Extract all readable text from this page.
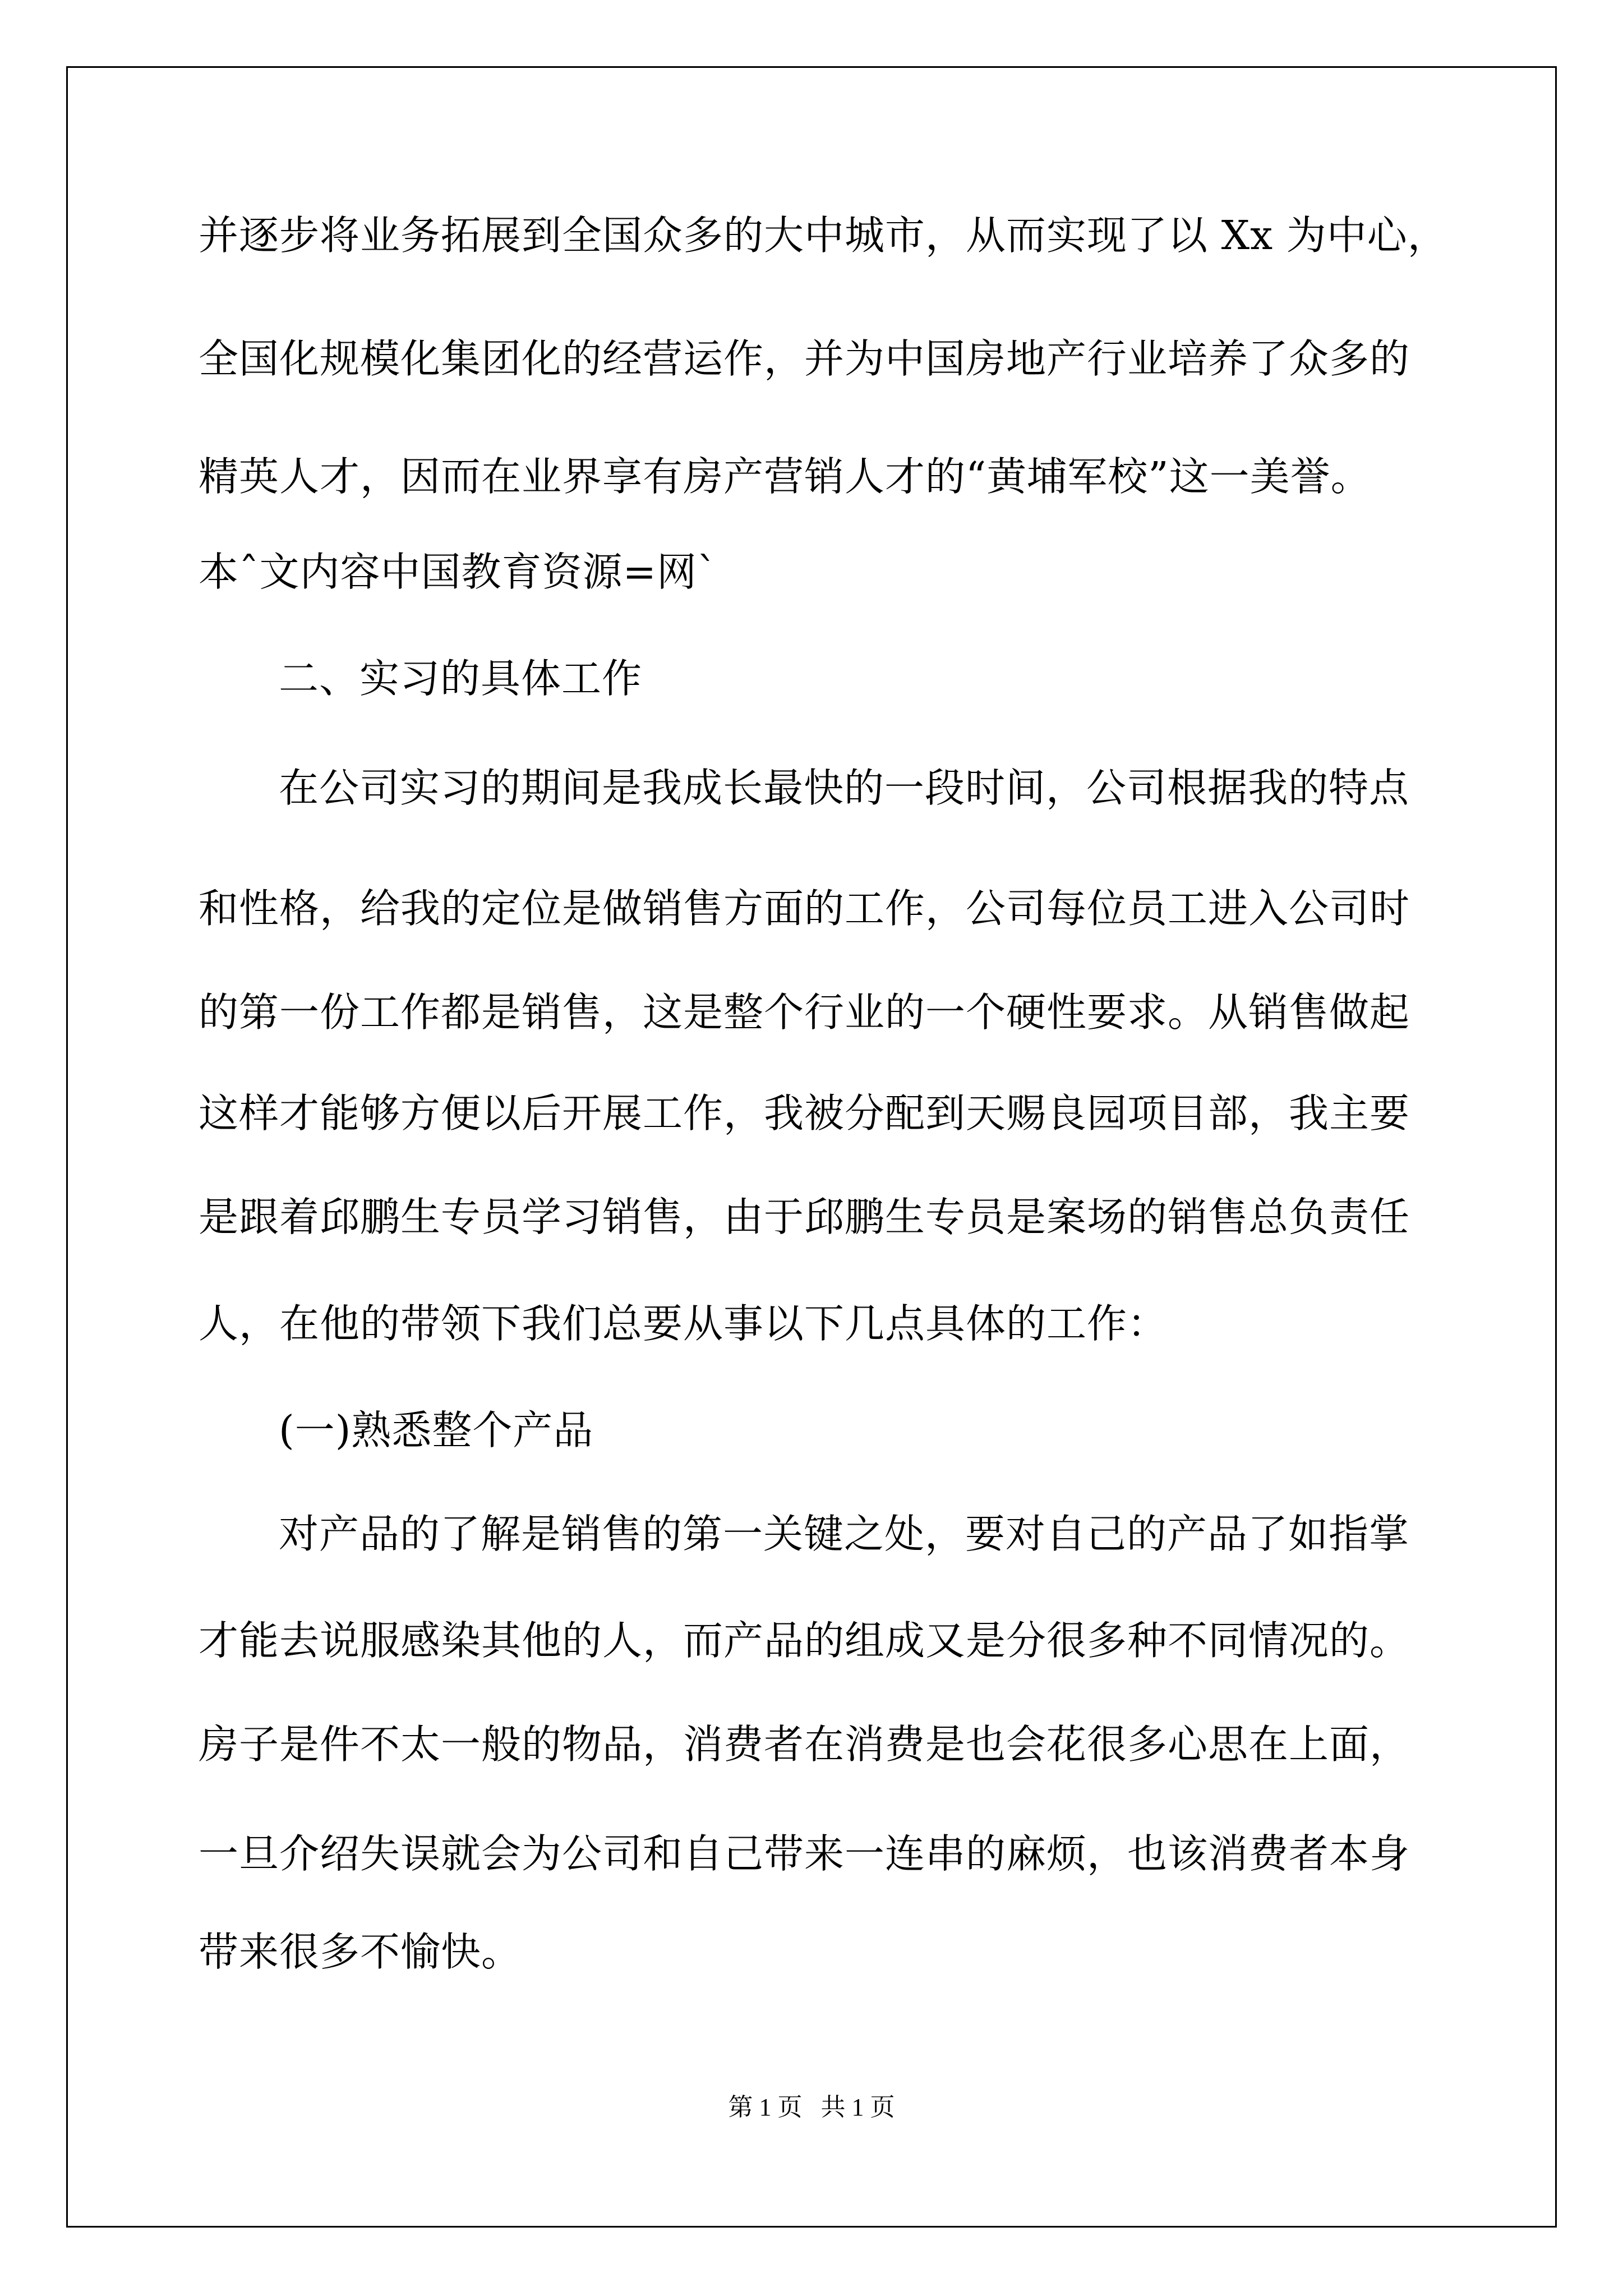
并逐步将业务拓展到全国众多的大中城市，从而实现了以 Xx 为中心，
全国化规模化集团化的经营运作，并为中国房地产行业培养了众多的
精英人才，因而在业界享有房产营销人才的“黄埔军校”这一美誉。
本ˆ文内容中国教育资源=网ˋ
二、实习的具体工作
在公司实习的期间是我成长最快的一段时间，公司根据我的特点
和性格，给我的定位是做销售方面的工作，公司每位员工进入公司时
的第一份工作都是销售，这是整个行业的一个硬性要求。从销售做起
这样才能够方便以后开展工作，我被分配到天赐良园项目部，我主要
是跟着邱鹏生专员学习销售，由于邱鹏生专员是案场的销售总负责任
人，在他的带领下我们总要从事以下几点具体的工作：
(一)熟悉整个产品
对产品的了解是销售的第一关键之处，要对自己的产品了如指掌
才能去说服感染其他的人，而产品的组成又是分很多种不同情况的。
房子是件不太一般的物品，消费者在消费是也会花很多心思在上面，
一旦介绍失误就会为公司和自己带来一连串的麻烦，也该消费者本身
带来很多不愉快。
第 1 页   共 1 页
